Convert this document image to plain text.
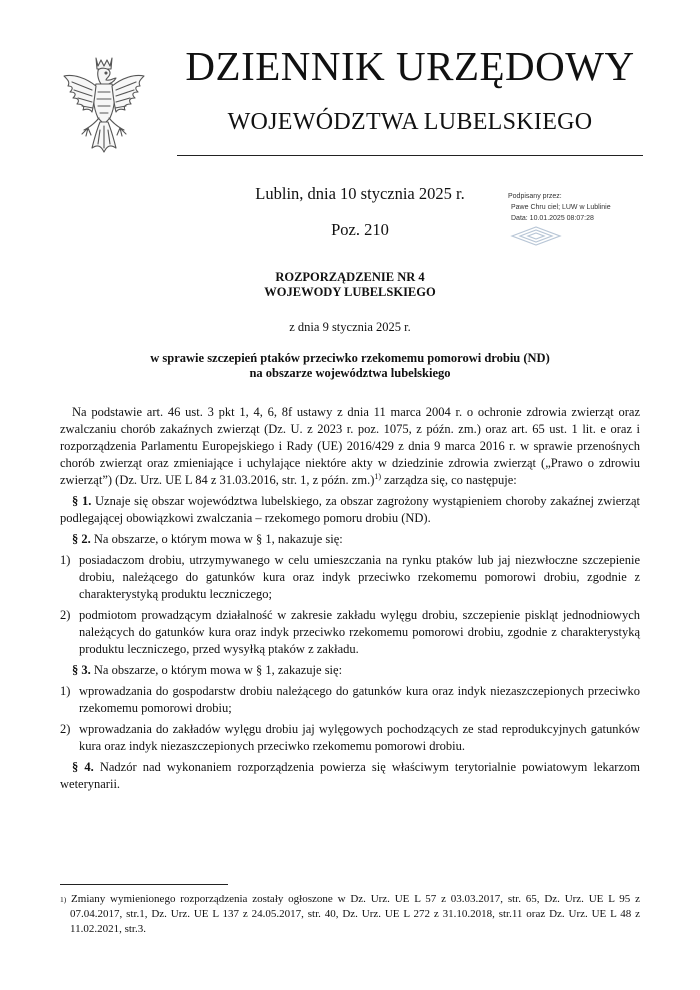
DZIENNIK URZĘDOWY
WOJEWÓDZTWA LUBELSKIEGO
Lublin, dnia 10 stycznia 2025 r.
Poz. 210
Podpisany przez:
Pawe Chru ciel; LUW w Lublinie
Data: 10.01.2025 08:07:28
ROZPORZĄDZENIE NR 4
WOJEWODY LUBELSKIEGO
z dnia 9 stycznia 2025 r.
w sprawie szczepień ptaków przeciwko rzekomemu pomorowi drobiu (ND)
na obszarze województwa lubelskiego

Na podstawie art. 46 ust. 3 pkt 1, 4, 6, 8f ustawy z dnia 11 marca 2004 r. o ochronie zdrowia zwierząt oraz zwalczaniu chorób zakaźnych zwierząt (Dz. U. z 2023 r. poz. 1075, z późn. zm.) oraz art. 65 ust. 1 lit. e oraz i rozporządzenia Parlamentu Europejskiego i Rady (UE) 2016/429 z dnia 9 marca 2016 r. w sprawie przenośnych chorób zwierząt oraz zmieniające i uchylające niektóre akty w dziedzinie zdrowia zwierząt („Prawo o zdrowiu zwierząt”) (Dz. Urz. UE L 84 z 31.03.2016, str. 1, z późn. zm.)$^{1)}$ zarządza się, co następuje:

§ 1. Uznaje się obszar województwa lubelskiego, za obszar zagrożony wystąpieniem choroby zakaźnej zwierząt podlegającej obowiązkowi zwalczania – rzekomego pomoru drobiu (ND).

§ 2. Na obszarze, o którym mowa w § 1, nakazuje się:

1) posiadaczom drobiu, utrzymywanego w celu umieszczania na rynku ptaków lub jaj niezwłoczne szczepienie drobiu, należącego do gatunków kura oraz indyk przeciwko rzekomemu pomorowi drobiu, zgodnie z charakterystyką produktu leczniczego;

2) podmiotom prowadzącym działalność w zakresie zakładu wylęgu drobiu, szczepienie piskląt jednodniowych należących do gatunków kura oraz indyk przeciwko rzekomemu pomorowi drobiu, zgodnie z charakterystyką produktu leczniczego, przed wysyłką ptaków z zakładu.

§ 3. Na obszarze, o którym mowa w § 1, zakazuje się:

1) wprowadzania do gospodarstw drobiu należącego do gatunków kura oraz indyk niezaszczepionych przeciwko rzekomemu pomorowi drobiu;

2) wprowadzania do zakładów wylęgu drobiu jaj wylęgowych pochodzących ze stad reprodukcyjnych gatunków kura oraz indyk niezaszczepionych przeciwko rzekomemu pomorowi drobiu.

§ 4. Nadzór nad wykonaniem rozporządzenia powierza się właściwym terytorialnie powiatowym lekarzom weterynarii.

$^{1)}$ Zmiany wymienionego rozporządzenia zostały ogłoszone w Dz. Urz. UE L 57 z 03.03.2017, str. 65, Dz. Urz. UE L 95 z 07.04.2017, str.1, Dz. Urz. UE L 137 z 24.05.2017, str. 40, Dz. Urz. UE L 272 z 31.10.2018, str.11 oraz Dz. Urz. UE L 48 z 11.02.2021, str.3.
